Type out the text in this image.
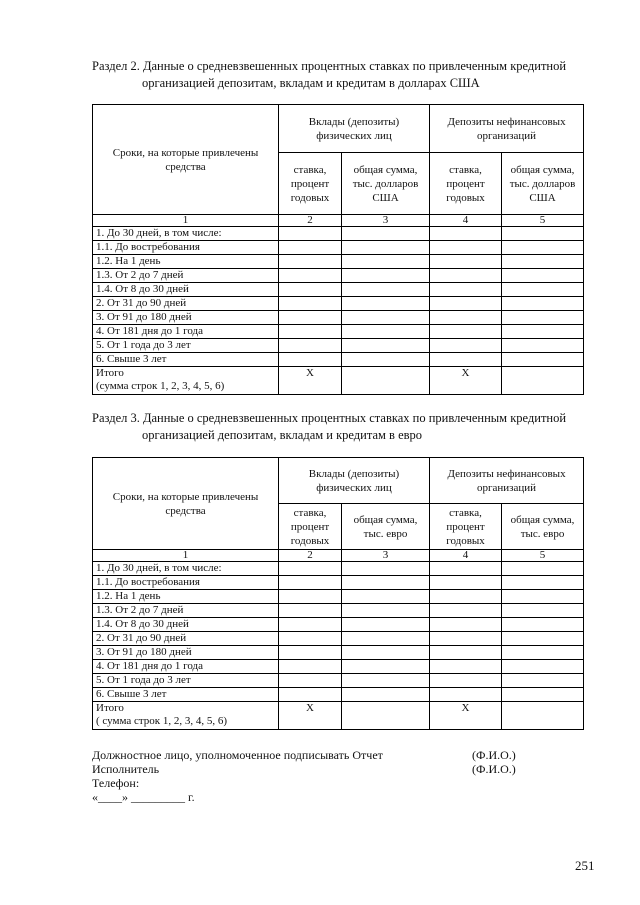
Раздел 2. Данные о средневзвешенных процентных ставках по привлеченным кредитной
организацией депозитам, вкладам и кредитам в долларах США
Сроки, на которые привлечены средства	Вклады (депозиты) физических лиц		Депозиты нефинансовых организаций	
	ставка, процент годовых	общая сумма, тыс. долларов США	ставка, процент годовых	общая сумма, тыс. долларов США
1	2	3	4	5
1. До 30 дней, в том числе:				
1.1. До востребования				
1.2. На 1 день				
1.3. От 2 до 7 дней				
1.4. От 8 до 30 дней				
2. От 31 до 90 дней				
3. От 91 до 180 дней				
4. От 181 дня до 1 года				
5. От 1 года до 3 лет				
6. Свыше 3 лет				

Итого
(сумма строк 1, 2, 3, 4, 5, 6)	X		X	
Раздел 3. Данные о средневзвешенных процентных ставках по привлеченным кредитной
организацией депозитам, вкладам и кредитам в евро
Сроки, на которые привлечены средства	Вклады (депозиты) физических лиц		Депозиты нефинансовых организаций	
	ставка, процент годовых	общая сумма, тыс. евро	ставка, процент годовых	общая сумма, тыс. евро
1	2	3	4	5
1. До 30 дней, в том числе:				
1.1. До востребования				
1.2. На 1 день				
1.3. От 2 до 7 дней				
1.4. От 8 до 30 дней				
2. От 31 до 90 дней				
3. От 91 до 180 дней				
4. От 181 дня до 1 года				
5. От 1 года до 3 лет				
6. Свыше 3 лет				

Итого
( сумма строк 1, 2, 3, 4, 5, 6)	X		X	
Должностное лицо, уполномоченное подписывать Отчет
Исполнитель
Телефон:
«____» _________ г.
(Ф.И.О.)
(Ф.И.О.)
251
